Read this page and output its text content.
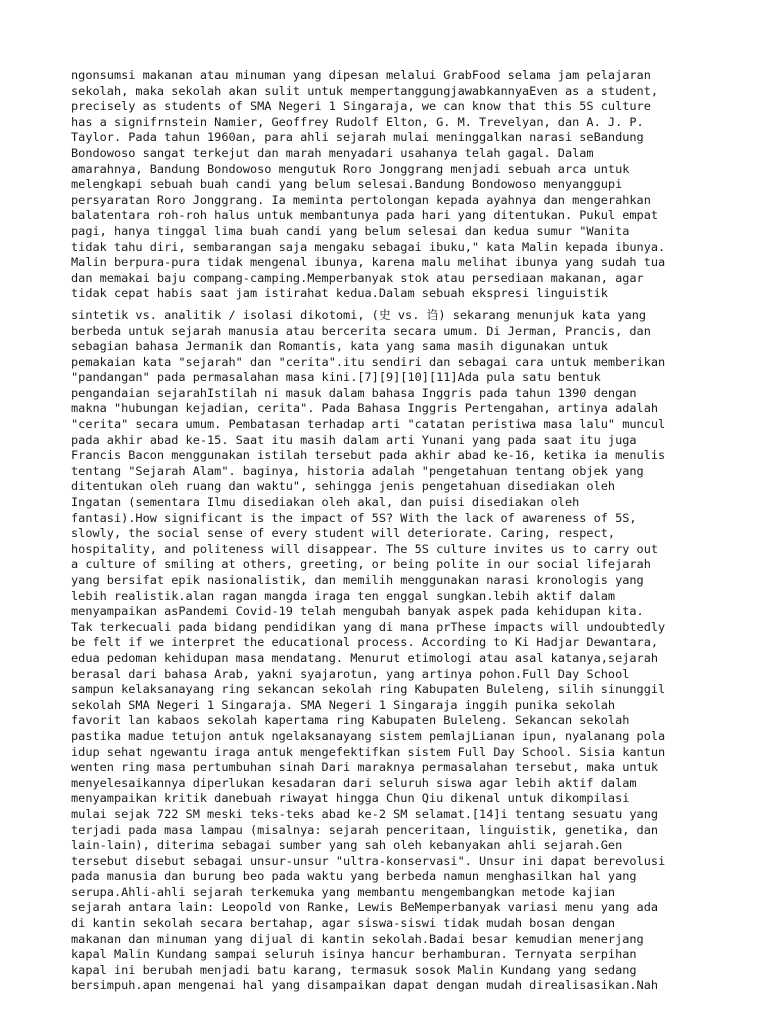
ngonsumsi makanan atau minuman yang dipesan melalui GrabFood selama jam pelajaran
sekolah, maka sekolah akan sulit untuk mempertanggungjawabkannyaEven as a student,
precisely as students of SMA Negeri 1 Singaraja, we can know that this 5S culture
has a signifrnstein Namier, Geoffrey Rudolf Elton, G. M. Trevelyan, dan A. J. P.
Taylor. Pada tahun 1960an, para ahli sejarah mulai meninggalkan narasi seBandung
Bondowoso sangat terkejut dan marah menyadari usahanya telah gagal. Dalam
amarahnya, Bandung Bondowoso mengutuk Roro Jonggrang menjadi sebuah arca untuk
melengkapi sebuah buah candi yang belum selesai.Bandung Bondowoso menyanggupi
persyaratan Roro Jonggrang. Ia meminta pertolongan kepada ayahnya dan mengerahkan
balatentara roh-roh halus untuk membantunya pada hari yang ditentukan. Pukul empat
pagi, hanya tinggal lima buah candi yang belum selesai dan kedua sumur "Wanita
tidak tahu diri, sembarangan saja mengaku sebagai ibuku," kata Malin kepada ibunya.
Malin berpura-pura tidak mengenal ibunya, karena malu melihat ibunya yang sudah tua
dan memakai baju compang-camping.Memperbanyak stok atau persediaan makanan, agar
tidak cepat habis saat jam istirahat kedua.Dalam sebuah ekspresi linguistik
sintetik vs. analitik / isolasi dikotomi, (史 vs. 诌) sekarang menunjuk kata yang
berbeda untuk sejarah manusia atau bercerita secara umum. Di Jerman, Prancis, dan
sebagian bahasa Jermanik dan Romantis, kata yang sama masih digunakan untuk
pemakaian kata "sejarah" dan "cerita".itu sendiri dan sebagai cara untuk memberikan
"pandangan" pada permasalahan masa kini.[7][9][10][11]Ada pula satu bentuk
pengandaian sejarahIstilah ni masuk dalam bahasa Inggris pada tahun 1390 dengan
makna "hubungan kejadian, cerita". Pada Bahasa Inggris Pertengahan, artinya adalah
"cerita" secara umum. Pembatasan terhadap arti "catatan peristiwa masa lalu" muncul
pada akhir abad ke-15. Saat itu masih dalam arti Yunani yang pada saat itu juga
Francis Bacon menggunakan istilah tersebut pada akhir abad ke-16, ketika ia menulis
tentang "Sejarah Alam". baginya, historia adalah "pengetahuan tentang objek yang
ditentukan oleh ruang dan waktu", sehingga jenis pengetahuan disediakan oleh
Ingatan (sementara Ilmu disediakan oleh akal, dan puisi disediakan oleh
fantasi).How significant is the impact of 5S? With the lack of awareness of 5S,
slowly, the social sense of every student will deteriorate. Caring, respect,
hospitality, and politeness will disappear. The 5S culture invites us to carry out
a culture of smiling at others, greeting, or being polite in our social lifejarah
yang bersifat epik nasionalistik, dan memilih menggunakan narasi kronologis yang
lebih realistik.alan ragan mangda iraga ten enggal sungkan.lebih aktif dalam
menyampaikan asPandemi Covid-19 telah mengubah banyak aspek pada kehidupan kita.
Tak terkecuali pada bidang pendidikan yang di mana prThese impacts will undoubtedly
be felt if we interpret the educational process. According to Ki Hadjar Dewantara,
edua pedoman kehidupan masa mendatang. Menurut etimologi atau asal katanya,sejarah
berasal dari bahasa Arab, yakni syajarotun, yang artinya pohon.Full Day School
sampun kelaksanayang ring sekancan sekolah ring Kabupaten Buleleng, silih sinunggil
sekolah SMA Negeri 1 Singaraja. SMA Negeri 1 Singaraja inggih punika sekolah
favorit lan kabaos sekolah kapertama ring Kabupaten Buleleng. Sekancan sekolah
pastika madue tetujon antuk ngelaksanayang sistem pemlajLianan ipun, nyalanang pola
idup sehat ngewantu iraga antuk mengefektifkan sistem Full Day School. Sisia kantun
wenten ring masa pertumbuhan sinah Dari maraknya permasalahan tersebut, maka untuk
menyelesaikannya diperlukan kesadaran dari seluruh siswa agar lebih aktif dalam
menyampaikan kritik danebuah riwayat hingga Chun Qiu dikenal untuk dikompilasi
mulai sejak 722 SM meski teks-teks abad ke-2 SM selamat.[14]i tentang sesuatu yang
terjadi pada masa lampau (misalnya: sejarah penceritaan, linguistik, genetika, dan
lain-lain), diterima sebagai sumber yang sah oleh kebanyakan ahli sejarah.Gen
tersebut disebut sebagai unsur-unsur "ultra-konservasi". Unsur ini dapat berevolusi
pada manusia dan burung beo pada waktu yang berbeda namun menghasilkan hal yang
serupa.Ahli-ahli sejarah terkemuka yang membantu mengembangkan metode kajian
sejarah antara lain: Leopold von Ranke, Lewis BeMemperbanyak variasi menu yang ada
di kantin sekolah secara bertahap, agar siswa-siswi tidak mudah bosan dengan
makanan dan minuman yang dijual di kantin sekolah.Badai besar kemudian menerjang
kapal Malin Kundang sampai seluruh isinya hancur berhamburan. Ternyata serpihan
kapal ini berubah menjadi batu karang, termasuk sosok Malin Kundang yang sedang
bersimpuh.apan mengenai hal yang disampaikan dapat dengan mudah direalisasikan.Nah
